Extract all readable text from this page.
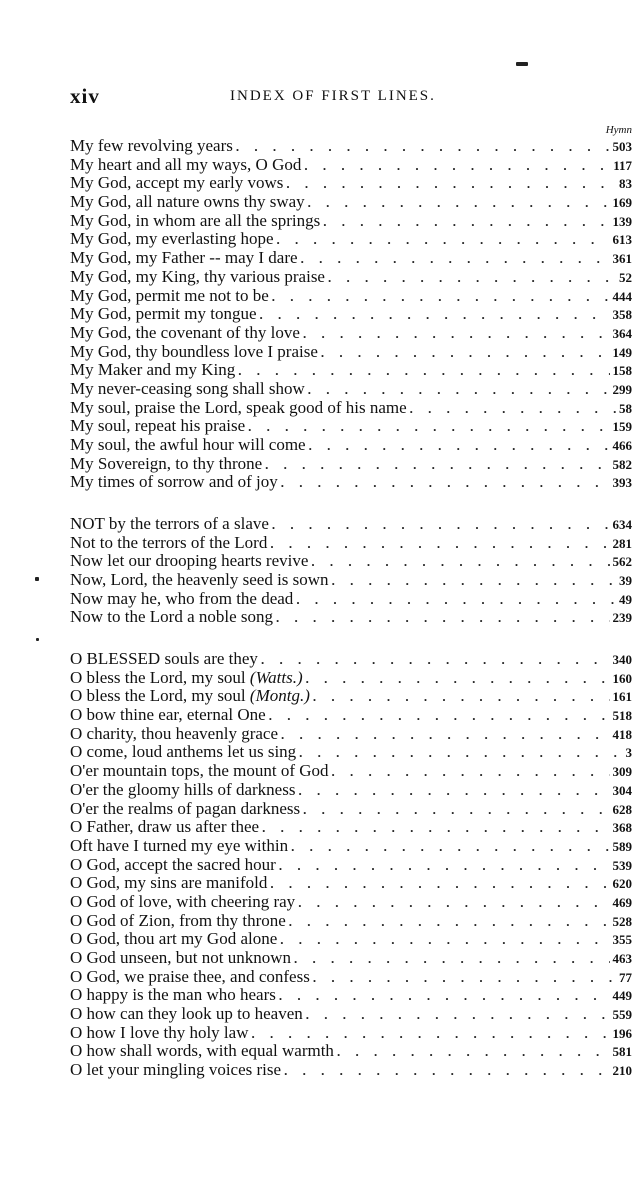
xiv	INDEX OF FIRST LINES.
Hymn
My few revolving years . . .	503
My heart and all my ways, O God . . .	117
My God, accept my early vows . . .	83
My God, all nature owns thy sway . . .	169
My God, in whom are all the springs . . .	139
My God, my everlasting hope . . .	613
My God, my Father -- may I dare . . .	361
My God, my King, thy various praise . . .	52
My God, permit me not to be . . .	444
My God, permit my tongue . . .	358
My God, the covenant of thy love . . .	364
My God, thy boundless love I praise . . .	149
My Maker and my King . . .	158
My never-ceasing song shall show . . .	299
My soul, praise the Lord, speak good of his name . . .	58
My soul, repeat his praise . . .	159
My soul, the awful hour will come . . .	466
My Sovereign, to thy throne . . .	582
My times of sorrow and of joy . . .	393
NOT by the terrors of a slave . . .	634
Not to the terrors of the Lord . . .	281
Now let our drooping hearts revive . . .	562
Now, Lord, the heavenly seed is sown . . .	39
Now may he, who from the dead . . .	49
Now to the Lord a noble song . . .	239
O BLESSED souls are they . . .	340
O bless the Lord, my soul (Watts.) . . .	160
O bless the Lord, my soul (Montg.) . . .	161
O bow thine ear, eternal One . . .	518
O charity, thou heavenly grace . . .	418
O come, loud anthems let us sing . . .	3
O'er mountain tops, the mount of God . . .	309
O'er the gloomy hills of darkness . . .	304
O'er the realms of pagan darkness . . .	628
O Father, draw us after thee . . .	368
Oft have I turned my eye within . . .	589
O God, accept the sacred hour . . .	539
O God, my sins are manifold . . .	620
O God of love, with cheering ray . . .	469
O God of Zion, from thy throne . . .	528
O God, thou art my God alone . . .	355
O God unseen, but not unknown . . .	463
O God, we praise thee, and confess . . .	77
O happy is the man who hears . . .	449
O how can they look up to heaven . . .	559
O how I love thy holy law . . .	196
O how shall words, with equal warmth . . .	581
O let your mingling voices rise . . .	210
